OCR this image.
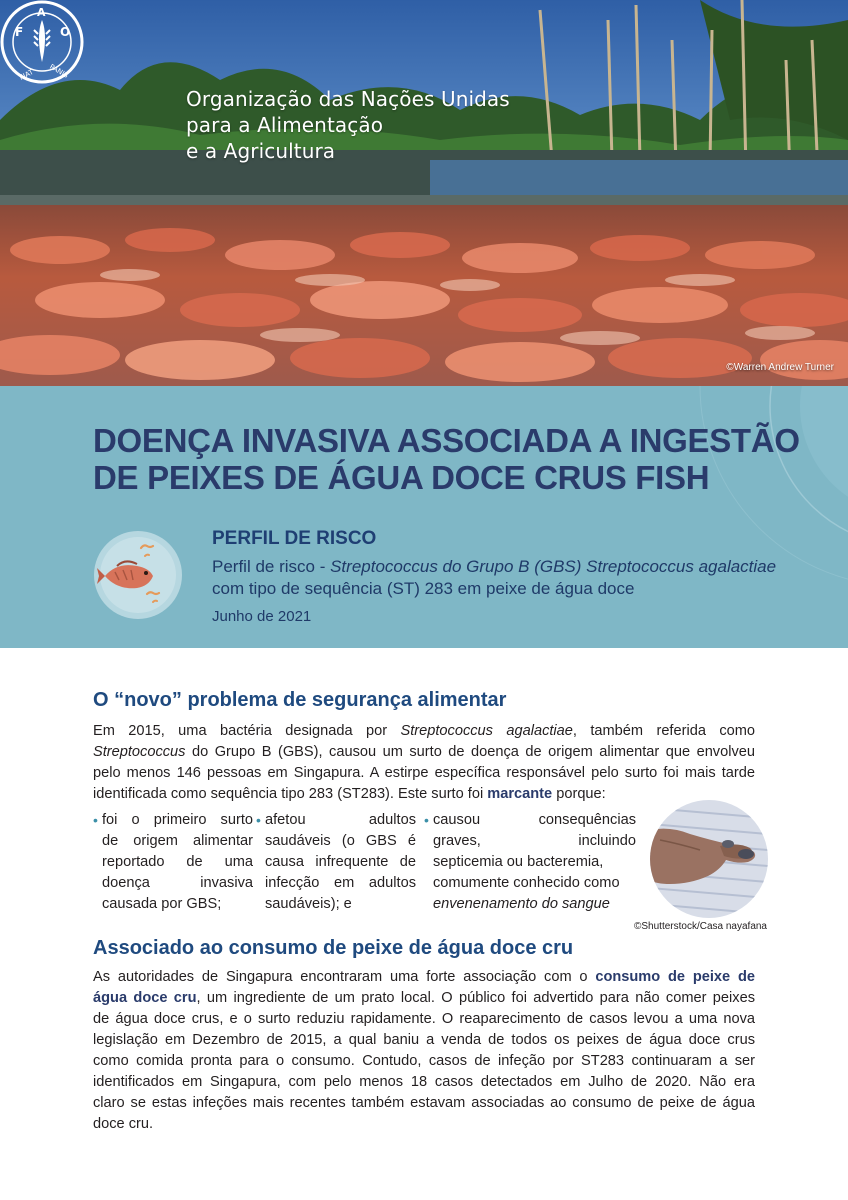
F
A
O
FIAT PANIS
Organização das Nações Unidas
para a Alimentação
e a Agricultura
©Warren Andrew Turner
DOENÇA INVASIVA ASSOCIADA A INGESTÃO
DE PEIXES DE ÁGUA DOCE CRUS FISH
PERFIL DE RISCO
Perfil de risco - Streptococcus do Grupo B (GBS) Streptococcus agalactiae
com tipo de sequência (ST) 283 em peixe de água doce
Junho de 2021
O “novo” problema de segurança alimentar
Em 2015, uma bactéria designada por Streptococcus agalactiae, também referida como
Streptococcus do Grupo B (GBS), causou um surto de doença de origem alimentar que envolveu
pelo menos 146 pessoas em Singapura. A estirpe específica responsável pelo surto foi mais tarde
identificada como sequência tipo 283 (ST283). Este surto foi marcante porque:
• foi o primeiro surto
de origem alimentar
reportado de uma
doença invasiva
causada por GBS;
• afetou adultos
saudáveis (o GBS é
causa infrequente de
infecção em adultos
saudáveis); e
• causou consequências
graves, incluindo
septicemia ou bacteremia,
comumente conhecido como
envenenamento do sangue
©Shutterstock/Casa nayafana
Associado ao consumo de peixe de água doce cru
As autoridades de Singapura encontraram uma forte associação com o consumo de peixe de
água doce cru, um ingrediente de um prato local. O público foi advertido para não comer peixes
de água doce crus, e o surto reduziu rapidamente. O reaparecimento de casos levou a uma nova
legislação em Dezembro de 2015, a qual baniu a venda de todos os peixes de água doce crus
como comida pronta para o consumo. Contudo, casos de infeção por ST283 continuaram a ser
identificados em Singapura, com pelo menos 18 casos detectados em Julho de 2020. Não era
claro se estas infeções mais recentes também estavam associadas ao consumo de peixe de água
doce cru.
